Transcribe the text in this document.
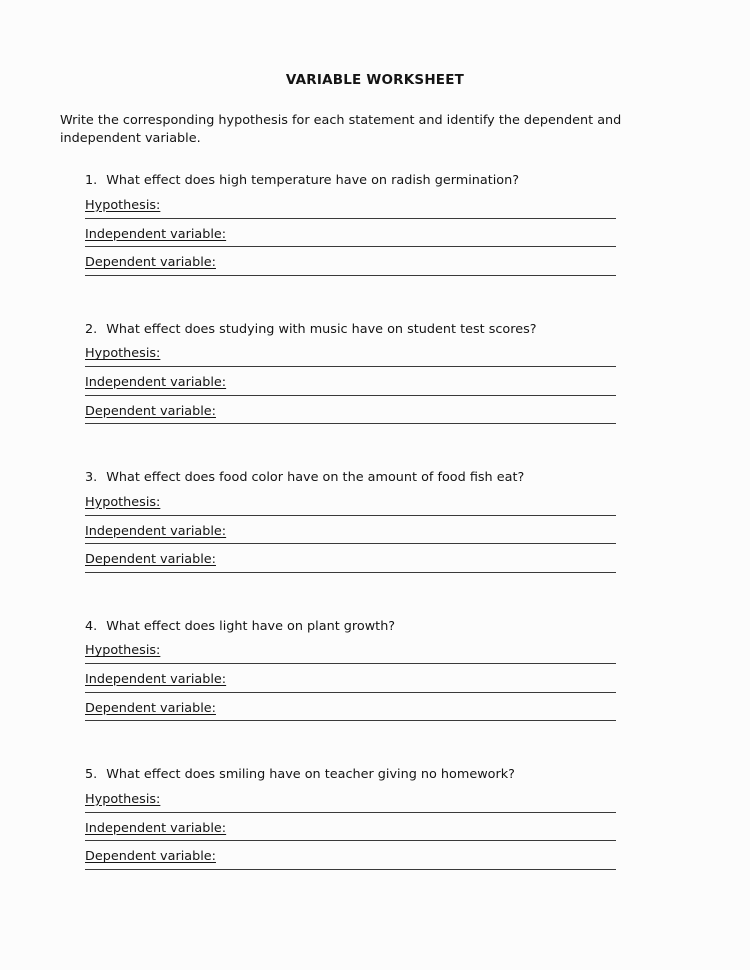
VARIABLE WORKSHEET
Write the corresponding hypothesis for each statement and identify the dependent and independent variable.
1. What effect does high temperature have on radish germination?
Hypothesis:
Independent variable:
Dependent variable:
2. What effect does studying with music have on student test scores?
Hypothesis:
Independent variable:
Dependent variable:
3. What effect does food color have on the amount of food fish eat?
Hypothesis:
Independent variable:
Dependent variable:
4. What effect does light have on plant growth?
Hypothesis:
Independent variable:
Dependent variable:
5. What effect does smiling have on teacher giving no homework?
Hypothesis:
Independent variable:
Dependent variable:
